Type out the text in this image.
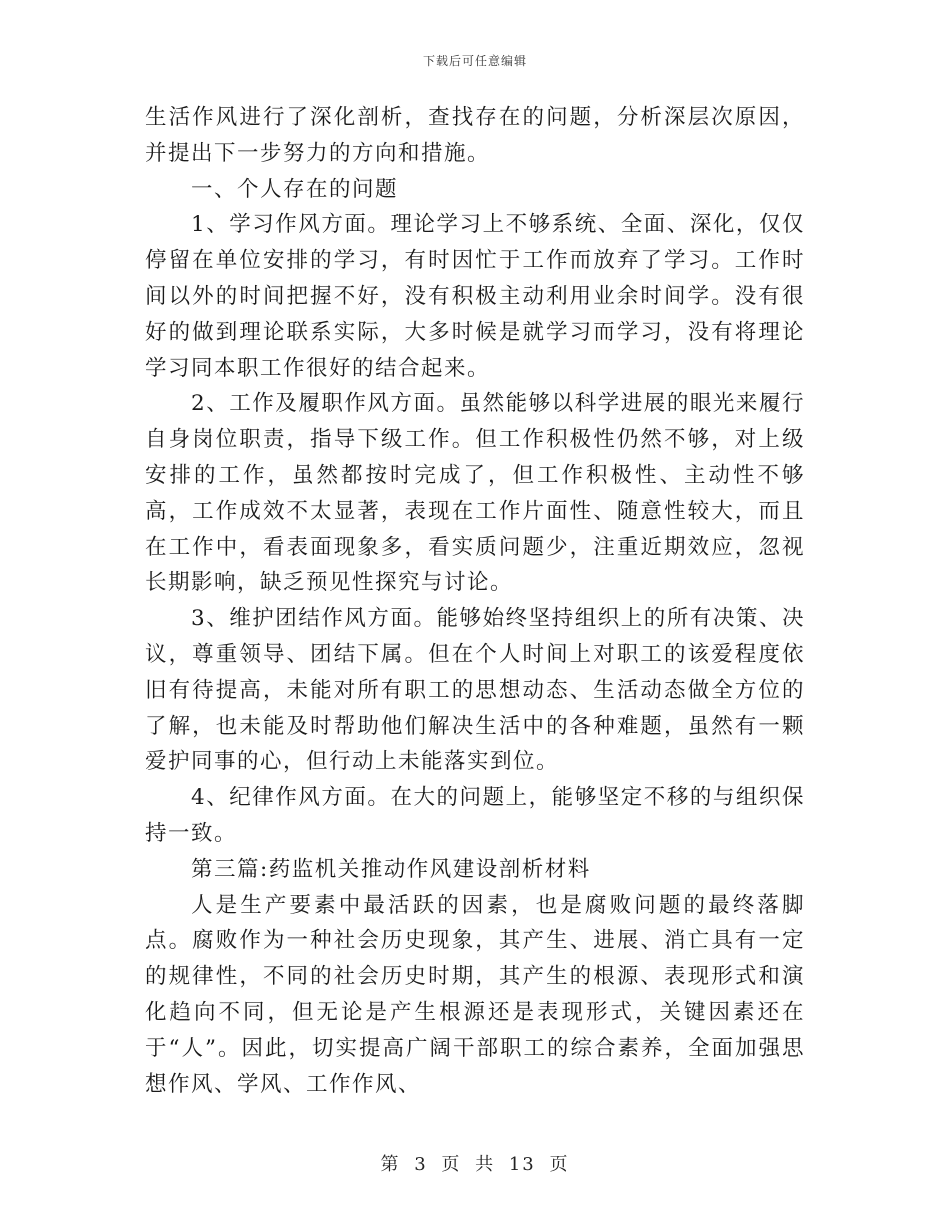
下载后可任意编辑

生活作风进行了深化剖析，查找存在的问题，分析深层次原因，并提出下一步努力的方向和措施。

一、个人存在的问题

1、学习作风方面。理论学习上不够系统、全面、深化，仅仅停留在单位安排的学习，有时因忙于工作而放弃了学习。工作时间以外的时间把握不好，没有积极主动利用业余时间学。没有很好的做到理论联系实际，大多时候是就学习而学习，没有将理论学习同本职工作很好的结合起来。

2、工作及履职作风方面。虽然能够以科学进展的眼光来履行自身岗位职责，指导下级工作。但工作积极性仍然不够，对上级安排的工作，虽然都按时完成了，但工作积极性、主动性不够高，工作成效不太显著，表现在工作片面性、随意性较大，而且在工作中，看表面现象多，看实质问题少，注重近期效应，忽视长期影响，缺乏预见性探究与讨论。

3、维护团结作风方面。能够始终坚持组织上的所有决策、决议，尊重领导、团结下属。但在个人时间上对职工的该爱程度依旧有待提高，未能对所有职工的思想动态、生活动态做全方位的了解，也未能及时帮助他们解决生活中的各种难题，虽然有一颗爱护同事的心，但行动上未能落实到位。

4、纪律作风方面。在大的问题上，能够坚定不移的与组织保持一致。

第三篇:药监机关推动作风建设剖析材料

人是生产要素中最活跃的因素，也是腐败问题的最终落脚点。腐败作为一种社会历史现象，其产生、进展、消亡具有一定的规律性，不同的社会历史时期，其产生的根源、表现形式和演化趋向不同，但无论是产生根源还是表现形式，关键因素还在于“人”。因此，切实提高广阔干部职工的综合素养，全面加强思想作风、学风、工作作风、

第 3 页 共 13 页
